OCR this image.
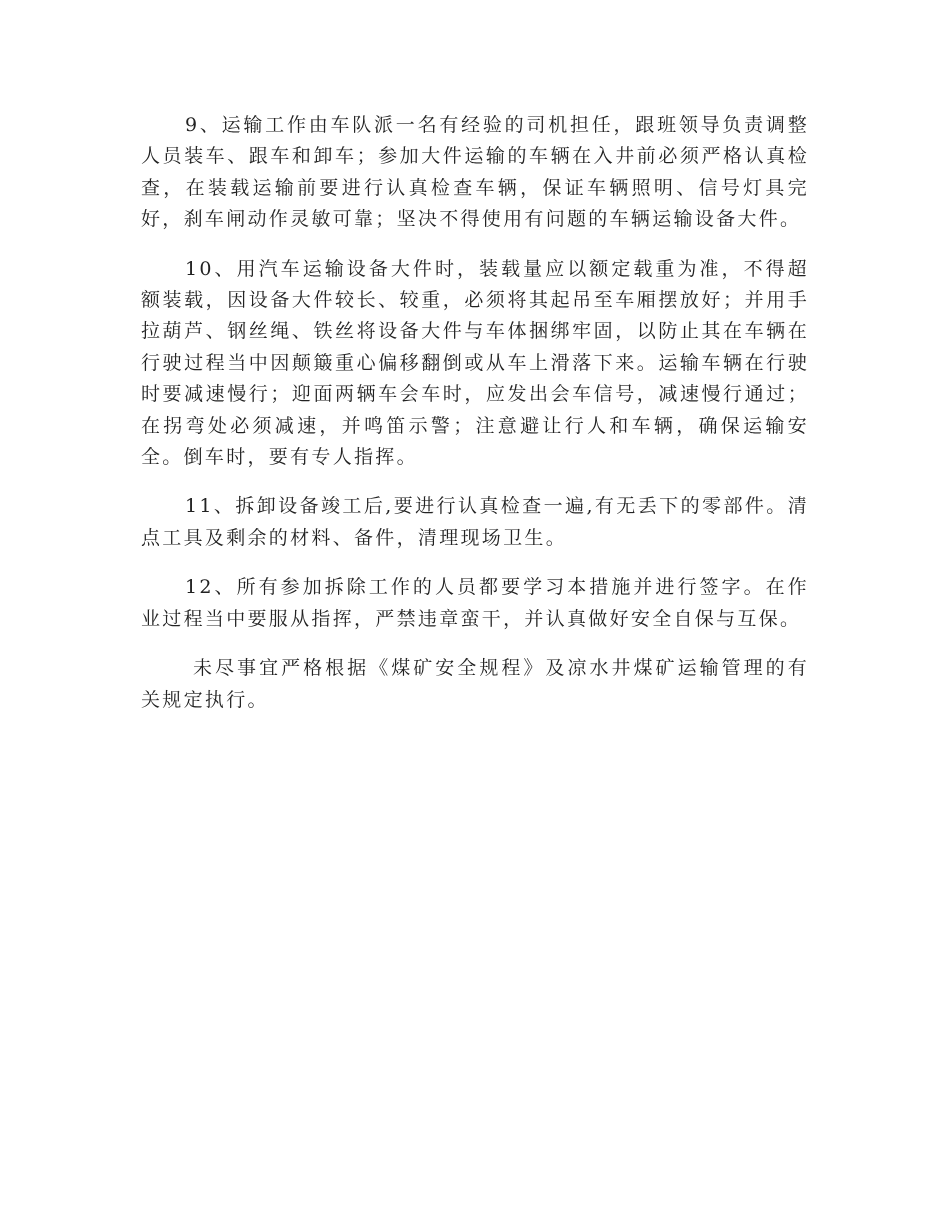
9、运输工作由车队派一名有经验的司机担任，跟班领导负责调整人员装车、跟车和卸车；参加大件运输的车辆在入井前必须严格认真检查，在装载运输前要进行认真检查车辆，保证车辆照明、信号灯具完好，刹车闸动作灵敏可靠；坚决不得使用有问题的车辆运输设备大件。

10、用汽车运输设备大件时，装载量应以额定载重为准，不得超额装载，因设备大件较长、较重，必须将其起吊至车厢摆放好；并用手拉葫芦、钢丝绳、铁丝将设备大件与车体捆绑牢固，以防止其在车辆在行驶过程当中因颠簸重心偏移翻倒或从车上滑落下来。运输车辆在行驶时要减速慢行；迎面两辆车会车时，应发出会车信号，减速慢行通过；在拐弯处必须减速，并鸣笛示警；注意避让行人和车辆，确保运输安全。倒车时，要有专人指挥。

11、拆卸设备竣工后,要进行认真检查一遍,有无丢下的零部件。清点工具及剩余的材料、备件，清理现场卫生。

12、所有参加拆除工作的人员都要学习本措施并进行签字。在作业过程当中要服从指挥，严禁违章蛮干，并认真做好安全自保与互保。

未尽事宜严格根据《煤矿安全规程》及凉水井煤矿运输管理的有关规定执行。
